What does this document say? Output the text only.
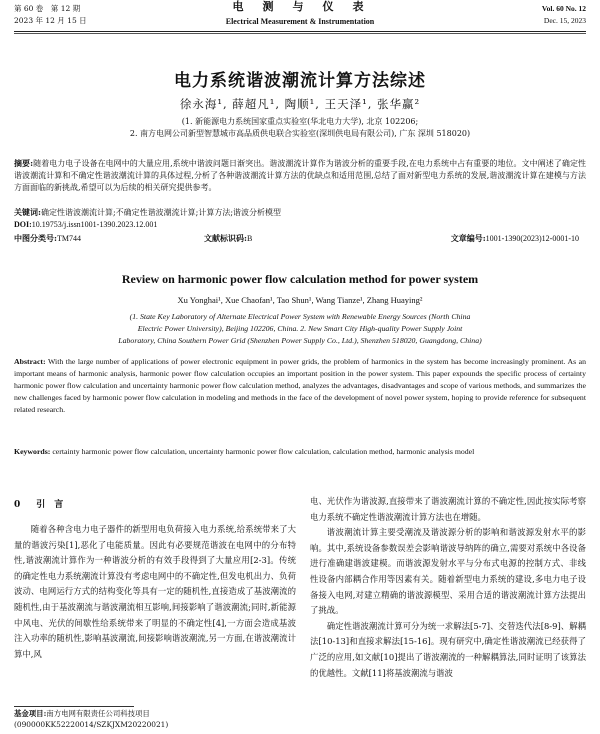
第 60 卷　第 12 期
2023 年 12 月 15 日
电　测　与　仪　表
Electrical Measurement & Instrumentation
Vol. 60 No. 12
Dec. 15, 2023
电力系统谐波潮流计算方法综述
徐永海¹, 薛超凡¹, 陶顺¹, 王天泽¹, 张华赢²
(1. 新能源电力系统国家重点实验室(华北电力大学), 北京 102206;
2. 南方电网公司新型智慧城市高品质供电联合实验室(深圳供电局有限公司), 广东 深圳 518020)
摘要:随着电力电子设备在电网中的大量应用,系统中谐波问题日渐突出。谐波潮流计算作为谐波分析的重要手段,在电力系统中占有重要的地位。文中阐述了确定性谐波潮流计算和不确定性谐波潮流计算的具体过程,分析了各种谐波潮流计算方法的优缺点和适用范围,总结了面对新型电力系统的发展,谐波潮流计算在建模与方法方面面临的新挑战,希望可以为后续的相关研究提供参考。
关键词:确定性谐波潮流计算;不确定性谐波潮流计算;计算方法;谐波分析模型
DOI:10.19753/j.issn1001-1390.2023.12.001
中图分类号:TM744	文献标识码:B	文章编号:1001-1390(2023)12-0001-10
Review on harmonic power flow calculation method for power system
Xu Yonghai¹, Xue Chaofan¹, Tao Shun¹, Wang Tianze¹, Zhang Huaying²
(1. State Key Laboratory of Alternate Electrical Power System with Renewable Energy Sources (North China
Electric Power University), Beijing 102206, China. 2. New Smart City High-quality Power Supply Joint
Laboratory, China Southern Power Grid (Shenzhen Power Supply Co., Ltd.), Shenzhen 518020, Guangdong, China)
Abstract: With the large number of applications of power electronic equipment in power grids, the problem of harmonics in the system has become increasingly prominent. As an important means of harmonic analysis, harmonic power flow calculation occupies an important position in the power system. This paper expounds the specific process of certainty harmonic power flow calculation and uncertainty harmonic power flow calculation method, analyzes the advantages, disadvantages and scope of various methods, and summarizes the new challenges faced by harmonic power flow calculation in modeling and methods in the face of the development of novel power system, hoping to provide reference for subsequent related research.
Keywords: certainty harmonic power flow calculation, uncertainty harmonic power flow calculation, calculation method, harmonic analysis model
0 引　言

随着各种含电力电子器件的新型用电负荷接入电力系统,给系统带来了大量的谐波污染[1],恶化了电能质量。因此有必要规范谐波在电网中的分布特性,谐波潮流计算作为一种谐波分析的有效手段得到了大量应用[2-3]。传统的确定性电力系统潮流计算没有考虑电网中的不确定性,但发电机出力、负荷波动、电网运行方式的结构变化等具有一定的随机性,直接造成了基波潮流的随机性,由于基波潮流与谐波潮流相互影响,间接影响了谐波潮流;同时,新能源中风电、光伏的间歇性给系统带来了明显的不确定性[4],一方面会造成基波注入功率的随机性,影响基波潮流,间接影响谐波潮流,另一方面,在谐波潮流计算中,风

电、光伏作为谐波源,直接带来了谐波潮流计算的不确定性,因此按实际考察电力系统不确定性谐波潮流计算方法也在增随。

谐波潮流计算主要受潮流及谐波源分析的影响和谐波源发射水平的影响。其中,系统设备参数误差会影响谐波导纳阵的确立,需要对系统中各设备进行准确建谐波建模。而谐波源发射水平与分布式电源的控制方式、非线性设备内部耦合作用等因素有关。随着新型电力系统的建设,多电力电子设备接入电网,对建立精确的谐波源模型、采用合适的谐波潮流计算方法提出了挑战。

确定性谐波潮流计算可分为统一求解法[5-7]、交替迭代法[8-9]、解耦法[10-13]和直接求解法[15-16]。现有研究中,确定性谐波潮流已经获得了广泛的应用,如文献[10]提出了谐波潮流的一种解耦算法,同时证明了该算法的优越性。文献[11]将基波潮流与谐波

基金项目:南方电网有限责任公司科技项目(090000KK52220014/SZKJXM20220021)
